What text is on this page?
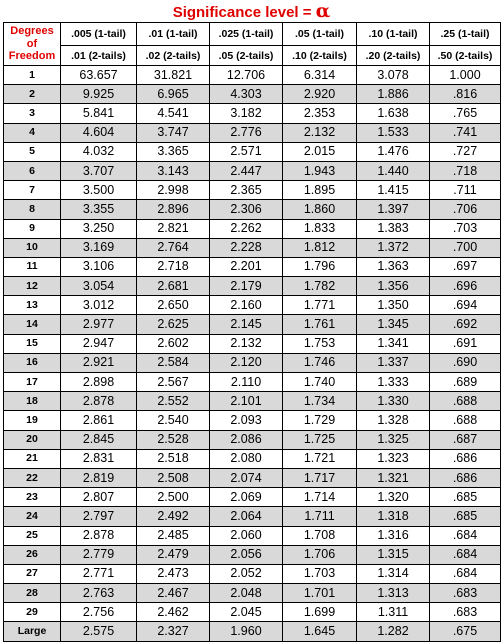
Significance level = α
Degrees
of
Freedom	.005 (1-tail)	.01 (1-tail)	.025 (1-tail)	.05 (1-tail)	.10 (1-tail)	.25 (1-tail)
	.01 (2-tails)	.02 (2-tails)	.05 (2-tails)	.10 (2-tails)	.20 (2-tails)	.50 (2-tails)
1	63.657	31.821	12.706	6.314	3.078	1.000
2	9.925	6.965	4.303	2.920	1.886	.816
3	5.841	4.541	3.182	2.353	1.638	.765
4	4.604	3.747	2.776	2.132	1.533	.741
5	4.032	3.365	2.571	2.015	1.476	.727
6	3.707	3.143	2.447	1.943	1.440	.718
7	3.500	2.998	2.365	1.895	1.415	.711
8	3.355	2.896	2.306	1.860	1.397	.706
9	3.250	2.821	2.262	1.833	1.383	.703
10	3.169	2.764	2.228	1.812	1.372	.700
11	3.106	2.718	2.201	1.796	1.363	.697
12	3.054	2.681	2.179	1.782	1.356	.696
13	3.012	2.650	2.160	1.771	1.350	.694
14	2.977	2.625	2.145	1.761	1.345	.692
15	2.947	2.602	2.132	1.753	1.341	.691
16	2.921	2.584	2.120	1.746	1.337	.690
17	2.898	2.567	2.110	1.740	1.333	.689
18	2.878	2.552	2.101	1.734	1.330	.688
19	2.861	2.540	2.093	1.729	1.328	.688
20	2.845	2.528	2.086	1.725	1.325	.687
21	2.831	2.518	2.080	1.721	1.323	.686
22	2.819	2.508	2.074	1.717	1.321	.686
23	2.807	2.500	2.069	1.714	1.320	.685
24	2.797	2.492	2.064	1.711	1.318	.685
25	2.878	2.485	2.060	1.708	1.316	.684
26	2.779	2.479	2.056	1.706	1.315	.684
27	2.771	2.473	2.052	1.703	1.314	.684
28	2.763	2.467	2.048	1.701	1.313	.683
29	2.756	2.462	2.045	1.699	1.311	.683
Large	2.575	2.327	1.960	1.645	1.282	.675
